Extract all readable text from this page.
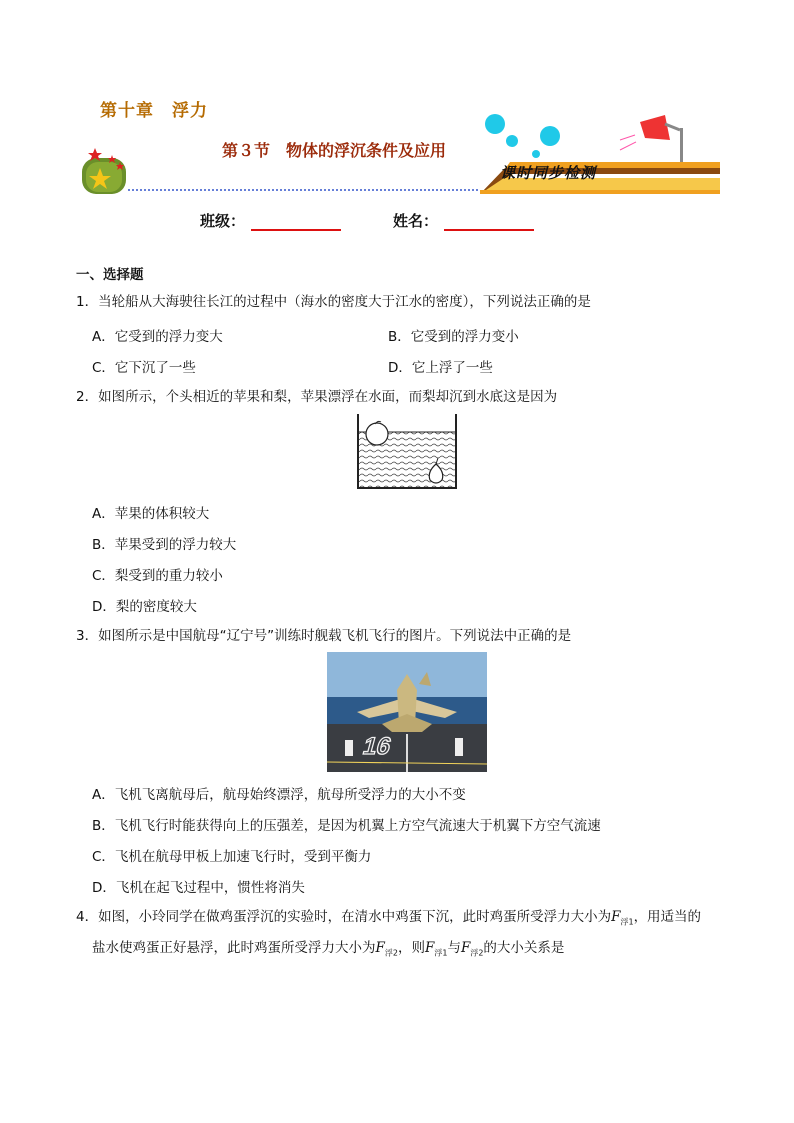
第十章　浮力
第３节　物体的浮沉条件及应用
课时同步检测
班级：	姓名：
一、选择题
1．当轮船从大海驶往长江的过程中（海水的密度大于江水的密度），下列说法正确的是
A．它受到的浮力变大	B．它受到的浮力变小
C．它下沉了一些	D．它上浮了一些
2．如图所示，个头相近的苹果和梨，苹果漂浮在水面，而梨却沉到水底这是因为
A．苹果的体积较大
B．苹果受到的浮力较大
C．梨受到的重力较小
D．梨的密度较大
3．如图所示是中国航母“辽宁号”训练时舰载飞机飞行的图片。下列说法中正确的是
16
A．飞机飞离航母后，航母始终漂浮，航母所受浮力的大小不变
B．飞机飞行时能获得向上的压强差，是因为机翼上方空气流速大于机翼下方空气流速
C．飞机在航母甲板上加速飞行时，受到平衡力
D．飞机在起飞过程中，惯性将消失
4．如图，小玲同学在做鸡蛋浮沉的实验时，在清水中鸡蛋下沉，此时鸡蛋所受浮力大小为$F_{浮1}$，用适当的
盐水使鸡蛋正好悬浮，此时鸡蛋所受浮力大小为$F_{浮2}$，则$F_{浮1}$与$F_{浮2}$的大小关系是
